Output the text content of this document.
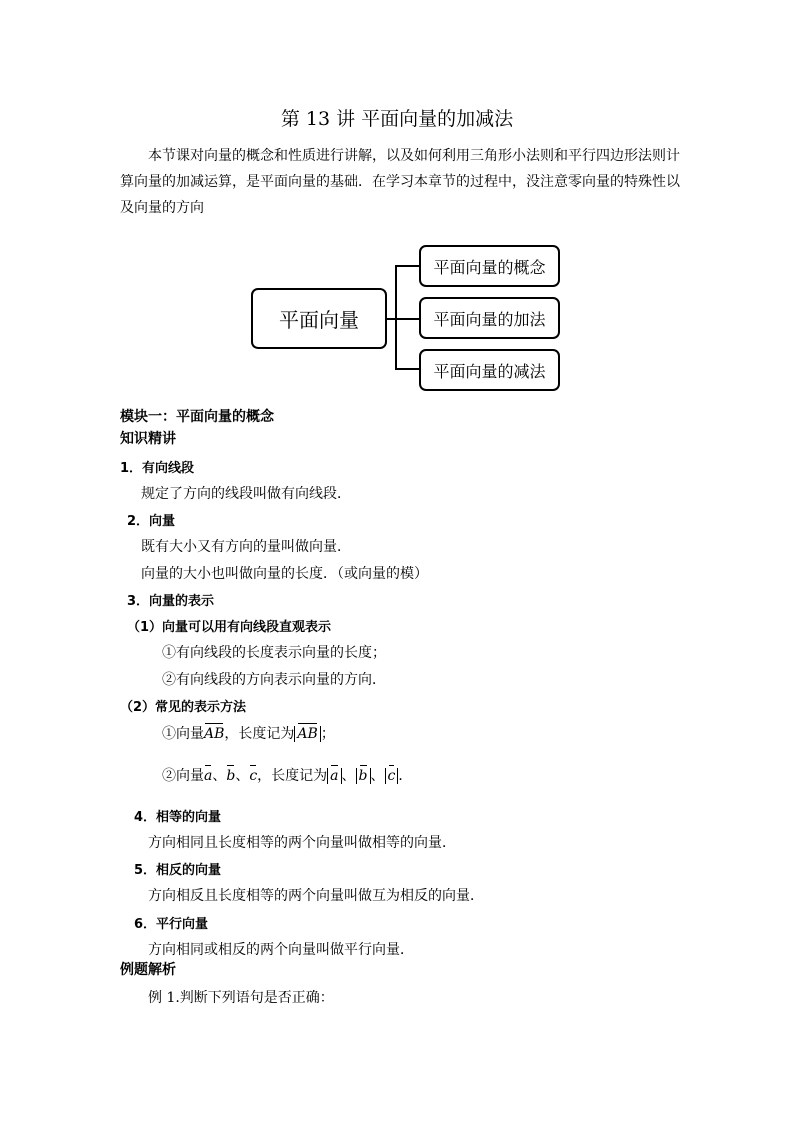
第 13 讲 平面向量的加减法
本节课对向量的概念和性质进行讲解，以及如何利用三角形小法则和平行四边形法则计算向量的加减运算，是平面向量的基础．在学习本章节的过程中，没注意零向量的特殊性以及向量的方向
平面向量
平面向量的概念
平面向量的加法
平面向量的减法
模块一：平面向量的概念
知识精讲
1．有向线段
规定了方向的线段叫做有向线段．
2．向量
既有大小又有方向的量叫做向量．
向量的大小也叫做向量的长度．（或向量的模）
3．向量的表示
（1）向量可以用有向线段直观表示
①有向线段的长度表示向量的长度；
②有向线段的方向表示向量的方向．
（2）常见的表示方法
①向量AB，长度记为 AB ；
②向量a、b、c，长度记为 a 、 b 、 c ．
4．相等的向量
方向相同且长度相等的两个向量叫做相等的向量．
5．相反的向量
方向相反且长度相等的两个向量叫做互为相反的向量．
6．平行向量
方向相同或相反的两个向量叫做平行向量．
例题解析
例 1.判断下列语句是否正确：
